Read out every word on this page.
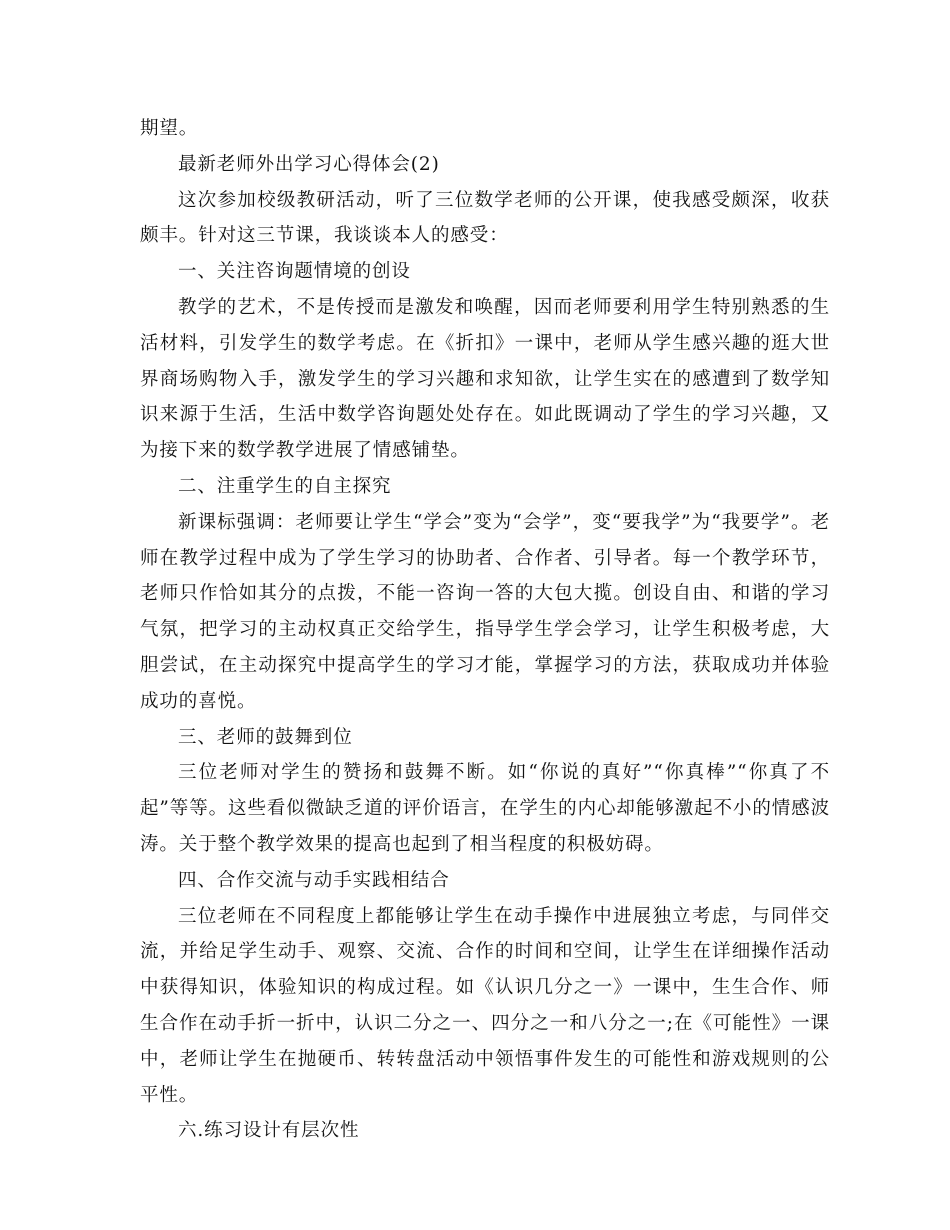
期望。

最新老师外出学习心得体会(2)

这次参加校级教研活动，听了三位数学老师的公开课，使我感受颇深，收获颇丰。针对这三节课，我谈谈本人的感受：

一、关注咨询题情境的创设

教学的艺术，不是传授而是激发和唤醒，因而老师要利用学生特别熟悉的生活材料，引发学生的数学考虑。在《折扣》一课中，老师从学生感兴趣的逛大世界商场购物入手，激发学生的学习兴趣和求知欲，让学生实在的感遭到了数学知识来源于生活，生活中数学咨询题处处存在。如此既调动了学生的学习兴趣，又为接下来的数学教学进展了情感铺垫。

二、注重学生的自主探究

新课标强调：老师要让学生“学会”变为“会学”，变“要我学”为“我要学”。老师在教学过程中成为了学生学习的协助者、合作者、引导者。每一个教学环节，老师只作恰如其分的点拨，不能一咨询一答的大包大揽。创设自由、和谐的学习气氛，把学习的主动权真正交给学生，指导学生学会学习，让学生积极考虑，大胆尝试，在主动探究中提高学生的学习才能，掌握学习的方法，获取成功并体验成功的喜悦。

三、老师的鼓舞到位

三位老师对学生的赞扬和鼓舞不断。如“你说的真好”“你真棒”“你真了不起”等等。这些看似微缺乏道的评价语言，在学生的内心却能够激起不小的情感波涛。关于整个教学效果的提高也起到了相当程度的积极妨碍。

四、合作交流与动手实践相结合

三位老师在不同程度上都能够让学生在动手操作中进展独立考虑，与同伴交流，并给足学生动手、观察、交流、合作的时间和空间，让学生在详细操作活动中获得知识，体验知识的构成过程。如《认识几分之一》一课中，生生合作、师生合作在动手折一折中，认识二分之一、四分之一和八分之一;在《可能性》一课中，老师让学生在抛硬币、转转盘活动中领悟事件发生的可能性和游戏规则的公平性。

六.练习设计有层次性
